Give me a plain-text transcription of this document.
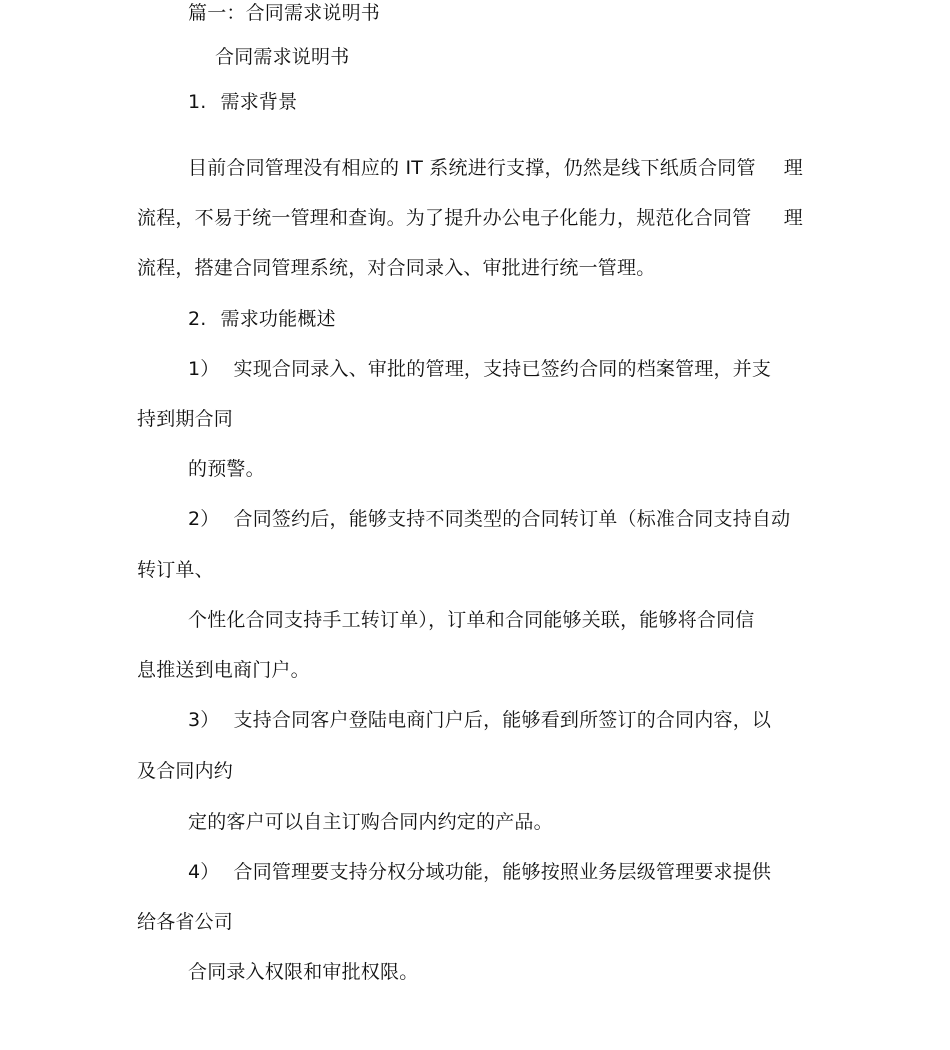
篇一：合同需求说明书
合同需求说明书
1. 需求背景
目前合同管理没有相应的 IT 系统进行支撑，仍然是线下纸质合同管 理
流程，不易于统一管理和查询。为了提升办公电子化能力，规范化合同管 理
流程，搭建合同管理系统，对合同录入、审批进行统一管理。
2. 需求功能概述
1） 实现合同录入、审批的管理，支持已签约合同的档案管理，并支
持到期合同
的预警。
2） 合同签约后，能够支持不同类型的合同转订单（标准合同支持自动
转订单、
个性化合同支持手工转订单），订单和合同能够关联，能够将合同信
息推送到电商门户。
3） 支持合同客户登陆电商门户后，能够看到所签订的合同内容，以
及合同内约
定的客户可以自主订购合同内约定的产品。
4） 合同管理要支持分权分域功能，能够按照业务层级管理要求提供
给各省公司
合同录入权限和审批权限。
